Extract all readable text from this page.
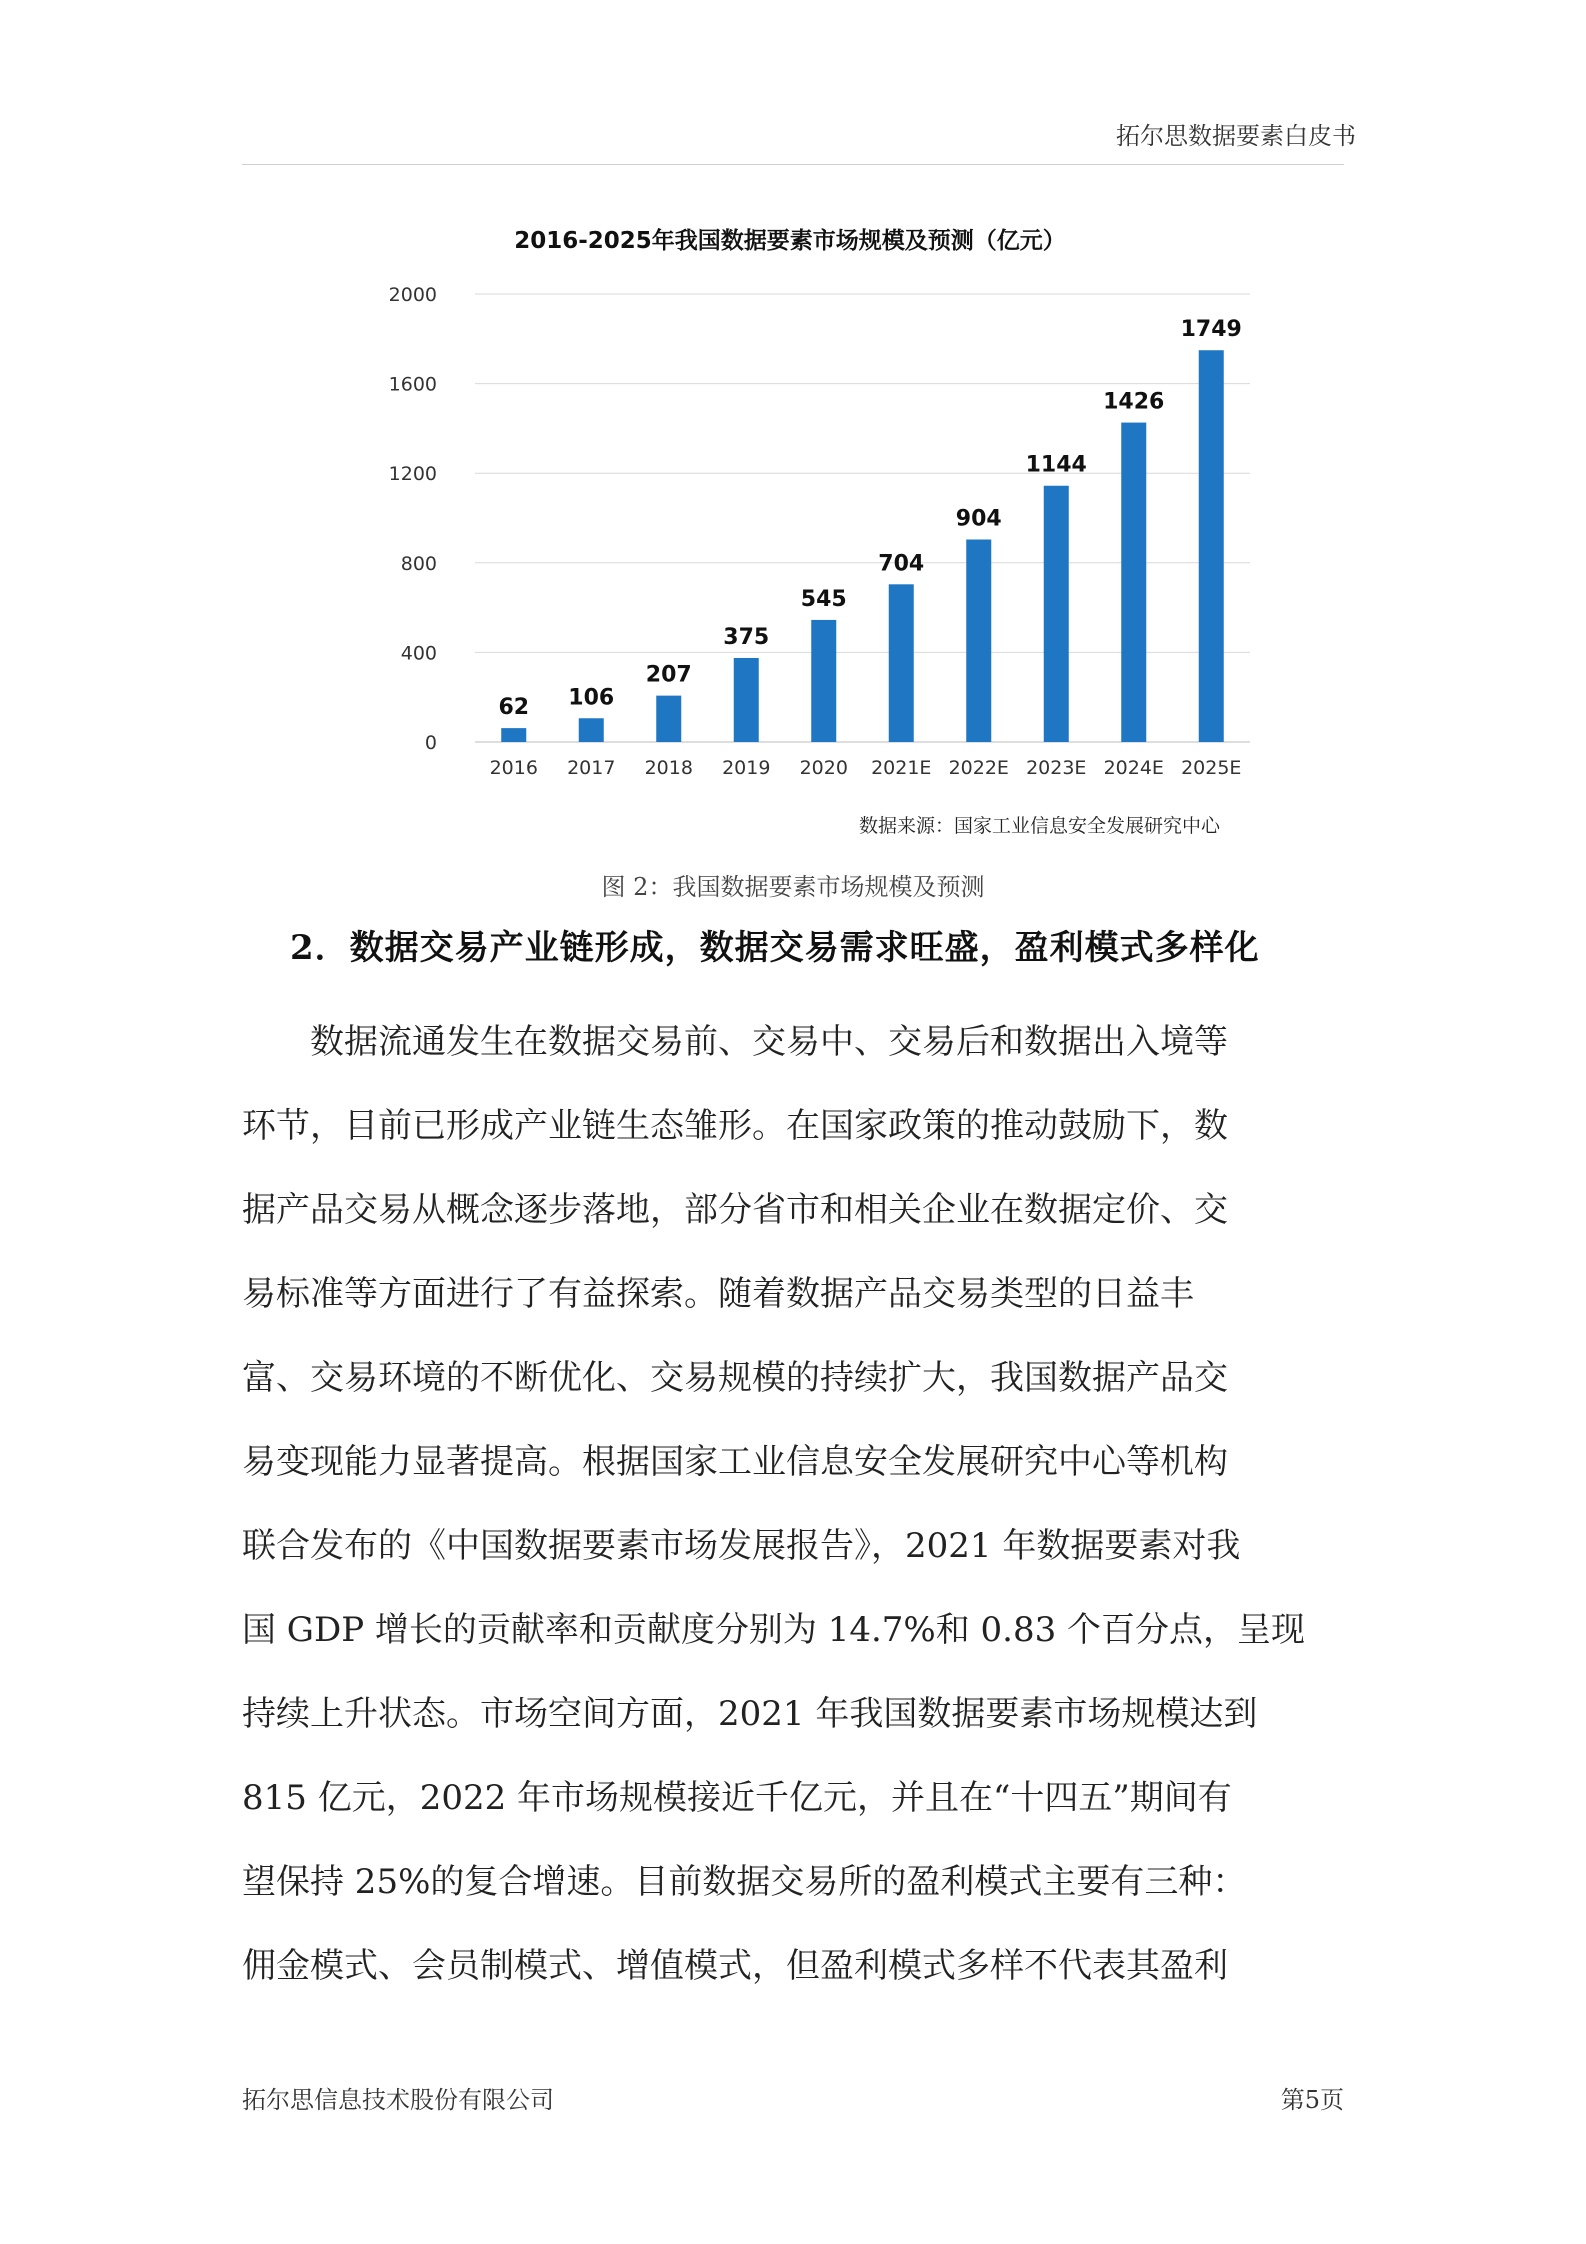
拓尔思数据要素白皮书
2016-2025年我国数据要素市场规模及预测（亿元）
0
400
800
1200
1600
2000
62
2016
106
2017
207
2018
375
2019
545
2020
704
2021E
904
2022E
1144
2023E
1426
2024E
1749
2025E
数据来源：国家工业信息安全发展研究中心
图 2：我国数据要素市场规模及预测
2．数据交易产业链形成，数据交易需求旺盛，盈利模式多样化
　　数据流通发生在数据交易前、交易中、交易后和数据出入境等
环节，目前已形成产业链生态雏形。在国家政策的推动鼓励下，数
据产品交易从概念逐步落地，部分省市和相关企业在数据定价、交
易标准等方面进行了有益探索。随着数据产品交易类型的日益丰
富、交易环境的不断优化、交易规模的持续扩大，我国数据产品交
易变现能力显著提高。根据国家工业信息安全发展研究中心等机构
联合发布的《中国数据要素市场发展报告》，2021 年数据要素对我
国 GDP 增长的贡献率和贡献度分别为 14.7%和 0.83 个百分点，呈现
持续上升状态。市场空间方面，2021 年我国数据要素市场规模达到
815 亿元，2022 年市场规模接近千亿元，并且在“十四五”期间有
望保持 25%的复合增速。目前数据交易所的盈利模式主要有三种：
佣金模式、会员制模式、增值模式，但盈利模式多样不代表其盈利
拓尔思信息技术股份有限公司	第5页
